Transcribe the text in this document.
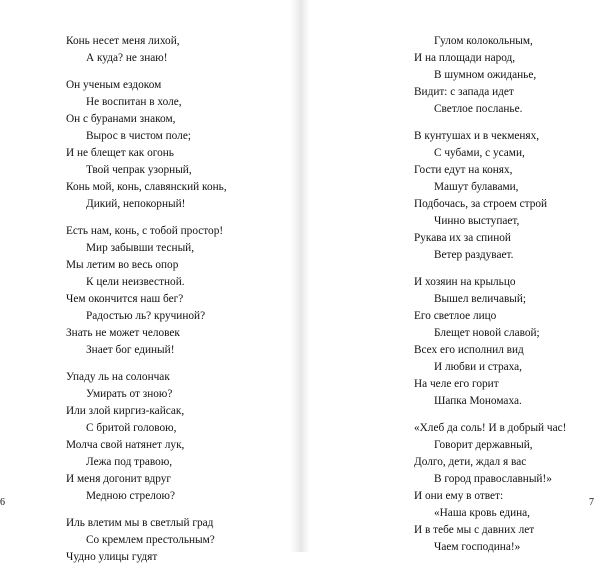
Конь несет меня лихой,
А куда? не знаю!
Он ученым ездоком
Не воспитан в холе,
Он с буранами знаком,
Вырос в чистом поле;
И не блещет как огонь
Твой чепрак узорный,
Конь мой, конь, славянский конь,
Дикий, непокорный!
Есть нам, конь, с тобой простор!
Мир забывши тесный,
Мы летим во весь опор
К цели неизвестной.
Чем окончится наш бег?
Радостью ль? кручиной?
Знать не может человек
Знает бог единый!
Упаду ль на солончак
Умирать от зною?
Или злой киргиз-кайсак,
С бритой головою,
Молча свой натянет лук,
Лежа под травою,
И меня догонит вдруг
Медною стрелою?
Иль влетим мы в светлый град
Со кремлем престольным?
Чудно улицы гудят
6	7
Гулом колокольным,
И на площади народ,
В шумном ожиданье,
Видит: с запада идет
Светлое посланье.
В кунтушах и в чекменях,
С чубами, с усами,
Гости едут на конях,
Машут булавами,
Подбочась, за строем строй
Чинно выступает,
Рукава их за спиной
Ветер раздувает.
И хозяин на крыльцо
Вышел величавый;
Его светлое лицо
Блещет новой славой;
Всех его исполнил вид
И любви и страха,
На челе его горит
Шапка Мономаха.
«Хлеб да соль! И в добрый час!
Говорит державный,
Долго, дети, ждал я вас
В город православный!»
И они ему в ответ:
«Наша кровь едина,
И в тебе мы с давних лет
Чаем господина!»
